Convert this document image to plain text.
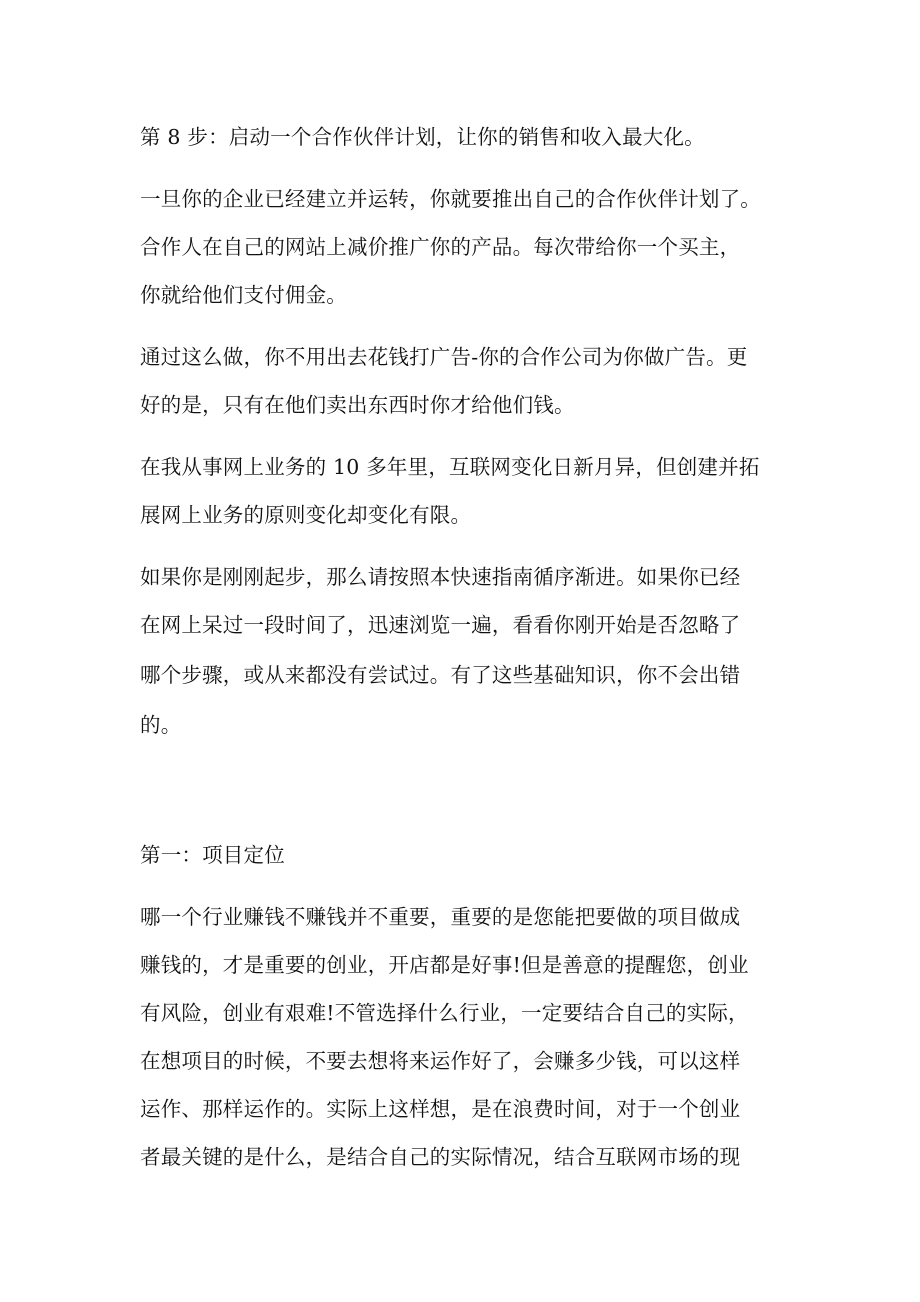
第 8 步：启动一个合作伙伴计划，让你的销售和收入最大化。
一旦你的企业已经建立并运转，你就要推出自己的合作伙伴计划了。
合作人在自己的网站上减价推广你的产品。每次带给你一个买主，
你就给他们支付佣金。
通过这么做，你不用出去花钱打广告-你的合作公司为你做广告。更
好的是，只有在他们卖出东西时你才给他们钱。
在我从事网上业务的 10 多年里，互联网变化日新月异，但创建并拓
展网上业务的原则变化却变化有限。
如果你是刚刚起步，那么请按照本快速指南循序渐进。如果你已经
在网上呆过一段时间了，迅速浏览一遍，看看你刚开始是否忽略了
哪个步骤，或从来都没有尝试过。有了这些基础知识，你不会出错
的。
第一：项目定位
哪一个行业赚钱不赚钱并不重要，重要的是您能把要做的项目做成
赚钱的，才是重要的创业，开店都是好事!但是善意的提醒您，创业
有风险，创业有艰难!不管选择什么行业，一定要结合自己的实际，
在想项目的时候，不要去想将来运作好了，会赚多少钱，可以这样
运作、那样运作的。实际上这样想，是在浪费时间，对于一个创业
者最关键的是什么，是结合自己的实际情况，结合互联网市场的现
